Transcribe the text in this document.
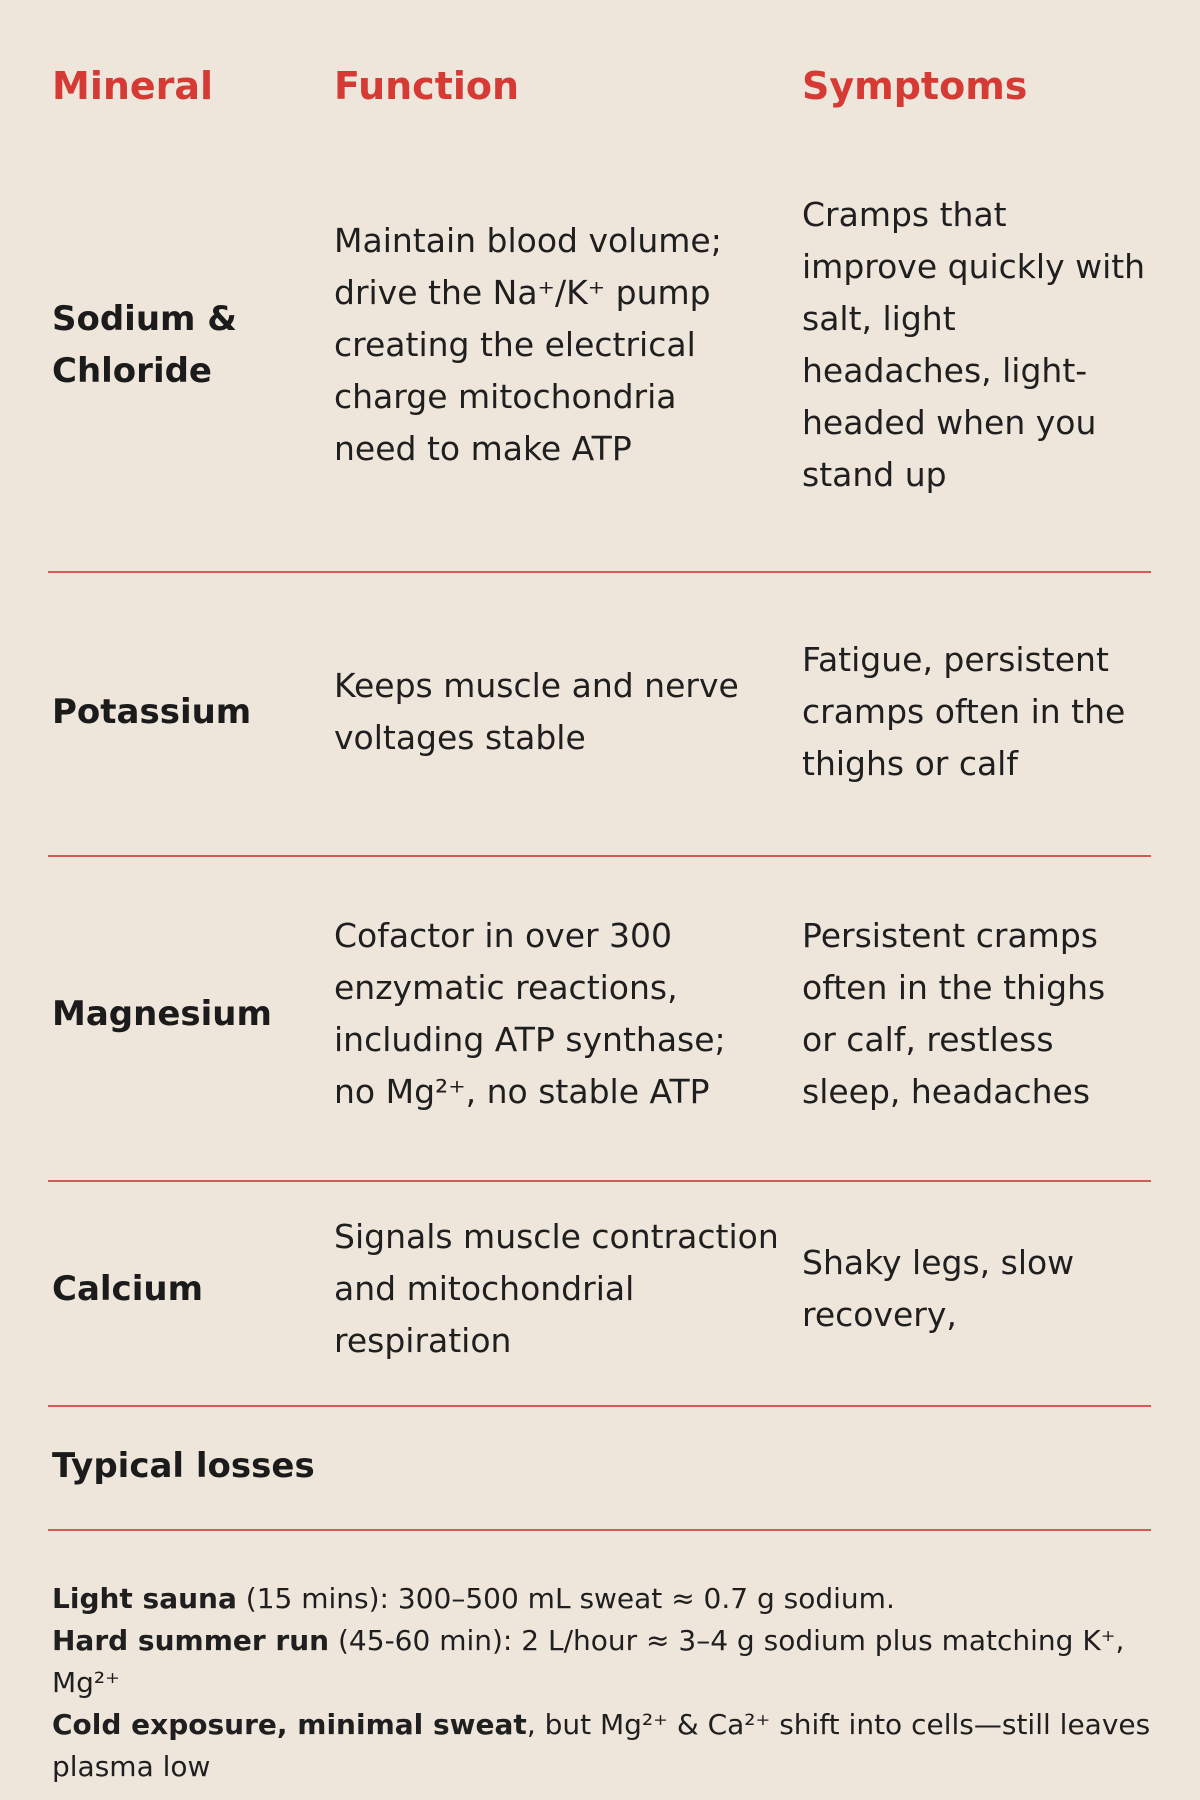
Mineral	Function	Symptoms
Sodium & Chloride
Maintain blood volume; drive the Na⁺/K⁺ pump creating the electrical charge mitochondria need to make ATP
Cramps that improve quickly with salt, light headaches, light-headed when you stand up
Potassium
Keeps muscle and nerve voltages stable
Fatigue, persistent cramps often in the thighs or calf
Magnesium
Cofactor in over 300 enzymatic reactions, including ATP synthase; no Mg²⁺, no stable ATP
Persistent cramps often in the thighs or calf, restless sleep, headaches
Calcium
Signals muscle contraction and mitochondrial respiration
Shaky legs, slow recovery,
Typical losses

Light sauna (15 mins): 300–500 mL sweat ≈ 0.7 g sodium.

Hard summer run (45-60 min): 2 L/hour ≈ 3–4 g sodium plus matching K⁺, Mg²⁺

Cold exposure, minimal sweat, but Mg²⁺ & Ca²⁺ shift into cells—still leaves plasma low
